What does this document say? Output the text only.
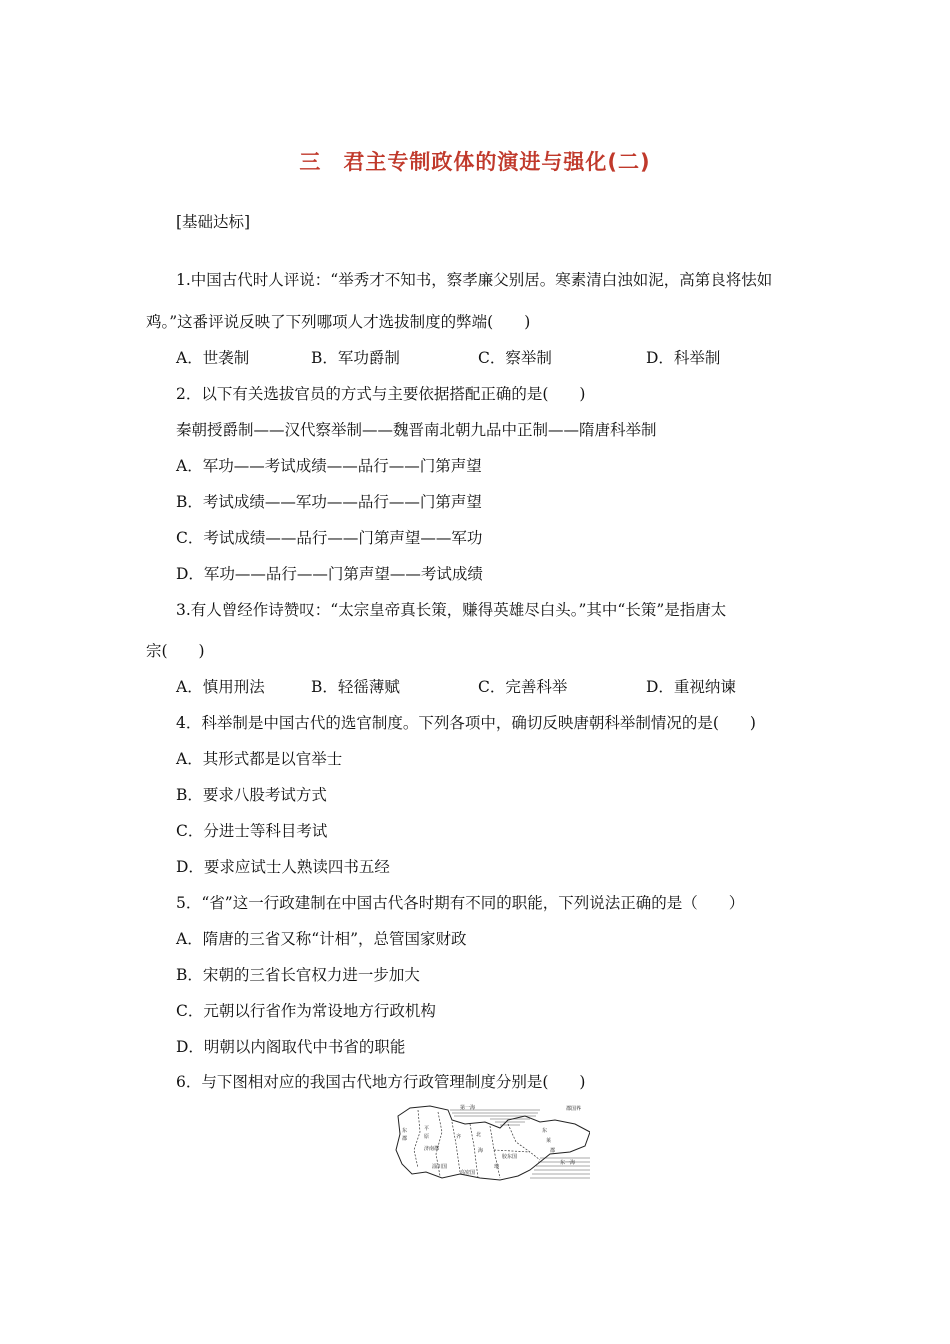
三　君主专制政体的演进与强化(二)
[基础达标]
1.中国古代时人评说：“举秀才不知书，察孝廉父别居。寒素清白浊如泥，高第良将怯如
鸡。”这番评说反映了下列哪项人才选拔制度的弊端(　　)
A．世袭制	B．军功爵制	C．察举制	D．科举制
2．以下有关选拔官员的方式与主要依据搭配正确的是(　　)
秦朝授爵制——汉代察举制——魏晋南北朝九品中正制——隋唐科举制
A．军功——考试成绩——品行——门第声望
B．考试成绩——军功——品行——门第声望
C．考试成绩——品行——门第声望——军功
D．军功——品行——门第声望——考试成绩
3.有人曾经作诗赞叹：“太宗皇帝真长策，赚得英雄尽白头。”其中“长策”是指唐太
宗(　　)
A．慎用刑法	B．轻徭薄赋	C．完善科举	D．重视纳谏
4．科举制是中国古代的选官制度。下列各项中，确切反映唐朝科举制情况的是(　　)
A．其形式都是以官举士
B．要求八股考试方式
C．分进士等科目考试
D．要求应试士人熟读四书五经
5．“省”这一行政建制在中国古代各时期有不同的职能，下列说法正确的是（　　）
A．隋唐的三省又称“计相”，总管国家财政
B．宋朝的三省长官权力进一步加大
C．元朝以行省作为常设地方行政机构
D．明朝以内阁取代中书省的职能
6．与下图相对应的我国古代地方行政管理制度分别是(　　)
第一海	郡国界
东
莱
郡
平
原
东
郡
济南郡
齐	北
海
胶东国
淄川国
高密国
琅
东一海
